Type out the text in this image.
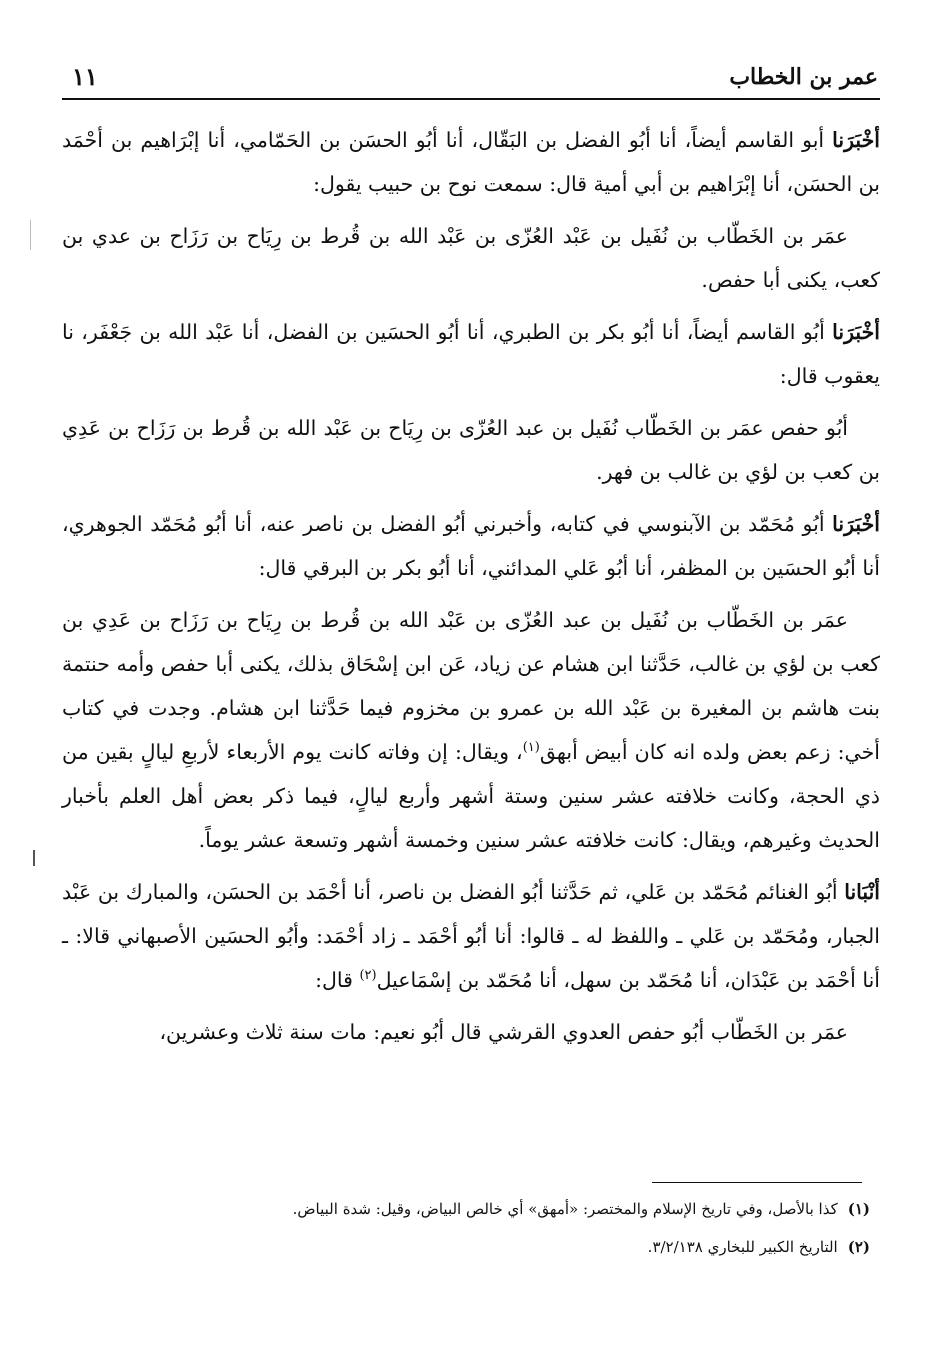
عمر بن الخطاب
١١

أخْبَرَنا أبو القاسم أيضاً، أنا أبُو الفضل بن البَقّال، أنا أبُو الحسَن بن الحَمّامي، أنا إبْرَاهيم بن أحْمَد بن الحسَن، أنا إبْرَاهيم بن أبي أمية قال: سمعت نوح بن حبيب يقول:

عمَر بن الخَطّاب بن نُفَيل بن عَبْد العُزّى بن عَبْد الله بن قُرط بن رِيَاح بن رَزَاح بن عدي بن كعب، يكنى أبا حفص.

أخْبَرَنا أبُو القاسم أيضاً، أنا أبُو بكر بن الطبري، أنا أبُو الحسَين بن الفضل، أنا عَبْد الله بن جَعْفَر، نا يعقوب قال:

أبُو حفص عمَر بن الخَطّاب نُفَيل بن عبد العُزّى بن رِيَاح بن عَبْد الله بن قُرط بن رَزَاح بن عَدِي بن كعب بن لؤي بن غالب بن فهر.

أخْبَرَنا أبُو مُحَمّد بن الآبنوسي في كتابه، وأخبرني أبُو الفضل بن ناصر عنه، أنا أبُو مُحَمّد الجوهري، أنا أبُو الحسَين بن المظفر، أنا أبُو عَلي المدائني، أنا أبُو بكر بن البرقي قال:

عمَر بن الخَطّاب بن نُفَيل بن عبد العُزّى بن عَبْد الله بن قُرط بن رِيَاح بن رَزَاح بن عَدِي بن كعب بن لؤي بن غالب، حَدَّثنا ابن هشام عن زياد، عَن ابن إسْحَاق بذلك، يكنى أبا حفص وأمه حنتمة بنت هاشم بن المغيرة بن عَبْد الله بن عمرو بن مخزوم فيما حَدَّثنا ابن هشام. وجدت في كتاب أخي: زعم بعض ولده انه كان أبيض أبهق$^{(١)}$، ويقال: إن وفاته كانت يوم الأربعاء لأربعِ ليالٍ بقين من ذي الحجة، وكانت خلافته عشر سنين وستة أشهر وأربع ليالٍ، فيما ذكر بعض أهل العلم بأخبار الحديث وغيرهم، ويقال: كانت خلافته عشر سنين وخمسة أشهر وتسعة عشر يوماً.

أنْبَانا أبُو الغنائم مُحَمّد بن عَلي، ثم حَدَّثنا أبُو الفضل بن ناصر، أنا أحْمَد بن الحسَن، والمبارك بن عَبْد الجبار، ومُحَمّد بن عَلي ـ واللفظ له ـ قالوا: أنا أبُو أحْمَد ـ زاد أحْمَد: وأبُو الحسَين الأصبهاني قالا: ـ أنا أحْمَد بن عَبْدَان، أنا مُحَمّد بن سهل، أنا مُحَمّد بن إسْمَاعيل$^{(٢)}$ قال:

عمَر بن الخَطّاب أبُو حفص العدوي القرشي قال أبُو نعيم: مات سنة ثلاث وعشرين،

(١)كذا بالأصل، وفي تاريخ الإسلام والمختصر: «أمهق» أي خالص البياض، وقيل: شدة البياض.

(٢)التاريخ الكبير للبخاري ٣/٢/١٣٨.
